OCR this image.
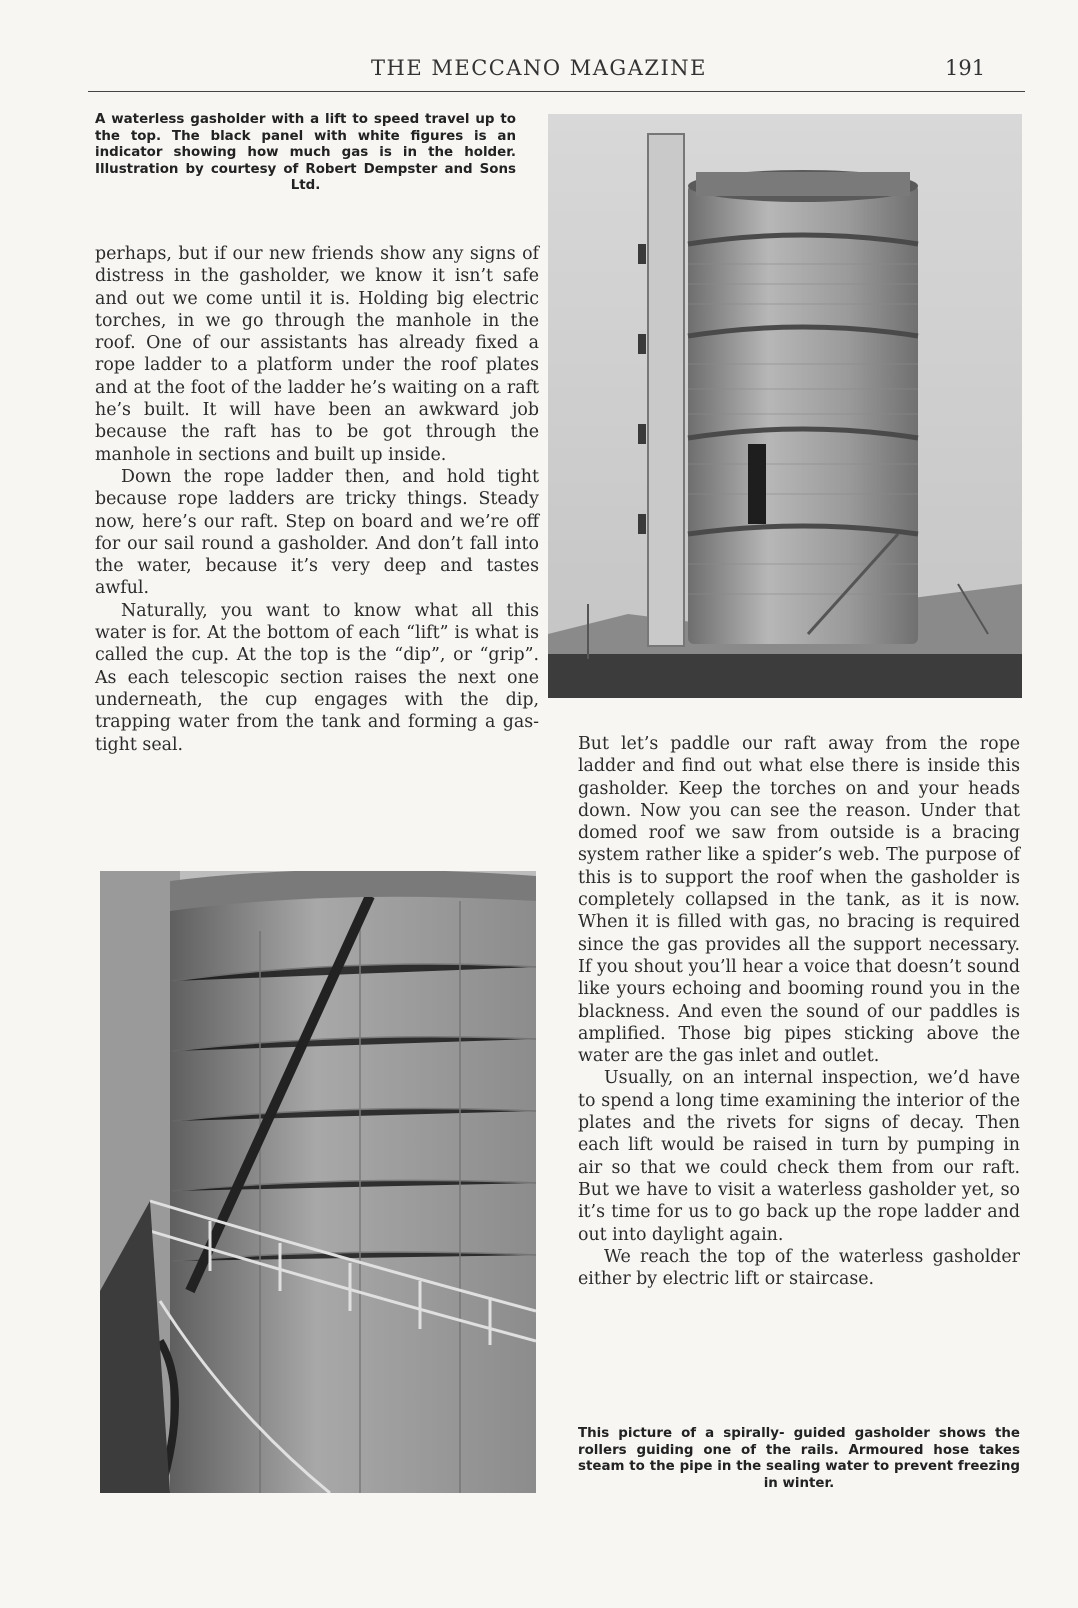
THE MECCANO MAGAZINE	191

A waterless gasholder with a lift to speed travel up to the top. The black panel with white figures is an indicator showing how much gas is in the holder. Illustration by courtesy of Robert Dempster and Sons Ltd.

perhaps, but if our new friends show any signs of distress in the gasholder, we know it isn’t safe and out we come until it is. Holding big electric torches, in we go through the manhole in the roof. One of our assistants has already fixed a rope ladder to a platform under the roof plates and at the foot of the ladder he’s waiting on a raft he’s built. It will have been an awkward job because the raft has to be got through the manhole in sections and built up inside.

Down the rope ladder then, and hold tight because rope ladders are tricky things. Steady now, here’s our raft. Step on board and we’re off for our sail round a gasholder. And don’t fall into the water, because it’s very deep and tastes awful.

Naturally, you want to know what all this water is for. At the bottom of each “lift” is what is called the cup. At the top is the “dip”, or “grip”. As each telescopic section raises the next one underneath, the cup engages with the dip, trapping water from the tank and forming a gas-tight seal.	But let’s paddle our raft away from the rope ladder and find out what else there is inside this gasholder. Keep the torches on and your heads down. Now you can see the reason. Under that domed roof we saw from outside is a bracing system rather like a spider’s web. The purpose of this is to support the roof when the gasholder is completely collapsed in the tank, as it is now. When it is filled with gas, no bracing is required since the gas provides all the support necessary. If you shout you’ll hear a voice that doesn’t sound like yours echoing and booming round you in the blackness. And even the sound of our paddles is amplified. Those big pipes sticking above the water are the gas inlet and outlet.

Usually, on an internal inspection, we’d have to spend a long time examining the interior of the plates and the rivets for signs of decay. Then each lift would be raised in turn by pumping in air so that we could check them from our raft. But we have to visit a waterless gasholder yet, so it’s time for us to go back up the rope ladder and out into daylight again.

We reach the top of the waterless gasholder either by electric lift or staircase.

This picture of a spirally- guided gasholder shows the rollers guiding one of the rails. Armoured hose takes steam to the pipe in the sealing water to prevent freezing in winter.
